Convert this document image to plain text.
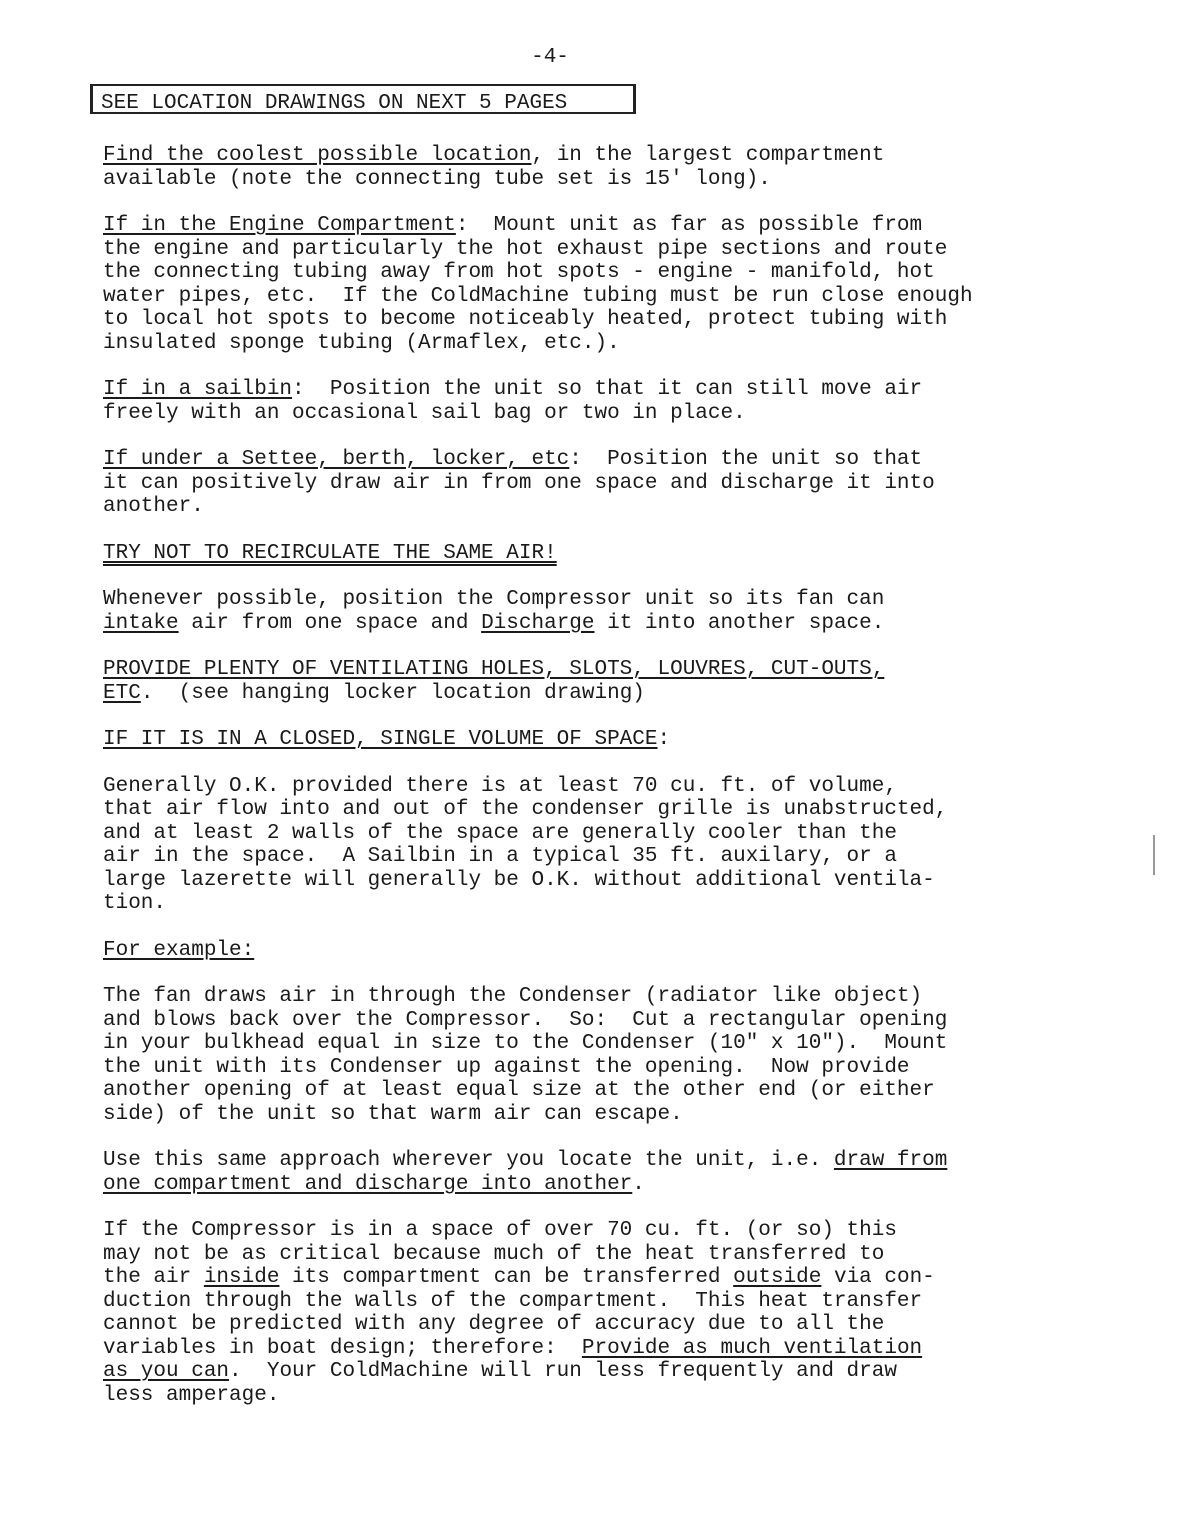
-4-
SEE LOCATION DRAWINGS ON NEXT 5 PAGES

Find the coolest possible location, in the largest compartment
available (note the connecting tube set is 15' long).

If in the Engine Compartment:  Mount unit as far as possible from
the engine and particularly the hot exhaust pipe sections and route
the connecting tubing away from hot spots - engine - manifold, hot
water pipes, etc.  If the ColdMachine tubing must be run close enough
to local hot spots to become noticeably heated, protect tubing with
insulated sponge tubing (Armaflex, etc.).

If in a sailbin:  Position the unit so that it can still move air
freely with an occasional sail bag or two in place.

If under a Settee, berth, locker, etc:  Position the unit so that
it can positively draw air in from one space and discharge it into
another.

TRY NOT TO RECIRCULATE THE SAME AIR!

Whenever possible, position the Compressor unit so its fan can
intake air from one space and Discharge it into another space.

PROVIDE PLENTY OF VENTILATING HOLES, SLOTS, LOUVRES, CUT-OUTS,
ETC.  (see hanging locker location drawing)

IF IT IS IN A CLOSED, SINGLE VOLUME OF SPACE:

Generally O.K. provided there is at least 70 cu. ft. of volume,
that air flow into and out of the condenser grille is unabstructed,
and at least 2 walls of the space are generally cooler than the
air in the space.  A Sailbin in a typical 35 ft. auxilary, or a
large lazerette will generally be O.K. without additional ventila-
tion.

For example:

The fan draws air in through the Condenser (radiator like object)
and blows back over the Compressor.  So:  Cut a rectangular opening
in your bulkhead equal in size to the Condenser (10" x 10").  Mount
the unit with its Condenser up against the opening.  Now provide
another opening of at least equal size at the other end (or either
side) of the unit so that warm air can escape.

Use this same approach wherever you locate the unit, i.e. draw from
one compartment and discharge into another.

If the Compressor is in a space of over 70 cu. ft. (or so) this
may not be as critical because much of the heat transferred to
the air inside its compartment can be transferred outside via con-
duction through the walls of the compartment.  This heat transfer
cannot be predicted with any degree of accuracy due to all the
variables in boat design; therefore:  Provide as much ventilation
as you can.  Your ColdMachine will run less frequently and draw
less amperage.
